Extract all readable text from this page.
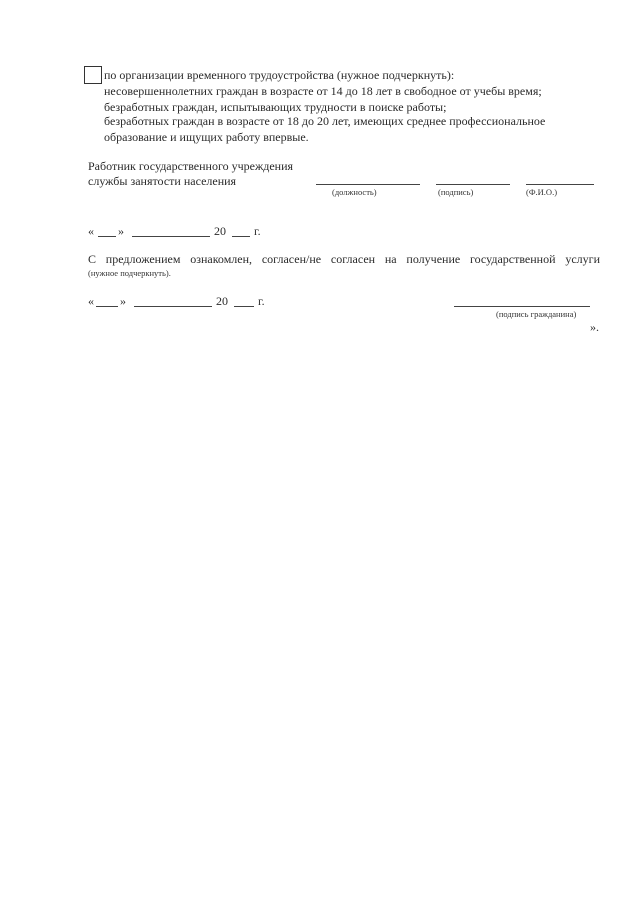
по организации временного трудоустройства (нужное подчеркнуть):
несовершеннолетних граждан в возрасте от 14 до 18 лет в свободное от учебы время;
безработных граждан, испытывающих трудности в поиске работы;
безработных граждан в возрасте от 18 до 20 лет, имеющих среднее профессиональное
образование и ищущих работу впервые.
Работник государственного учреждения
службы занятости населения
(должность)	(подпись)	(Ф.И.О.)
« »	20 г.
С предложением ознакомлен, согласен/не согласен на получение государственной услуги
(нужное подчеркнуть).
« »	20	г.
(подпись гражданина)
».
